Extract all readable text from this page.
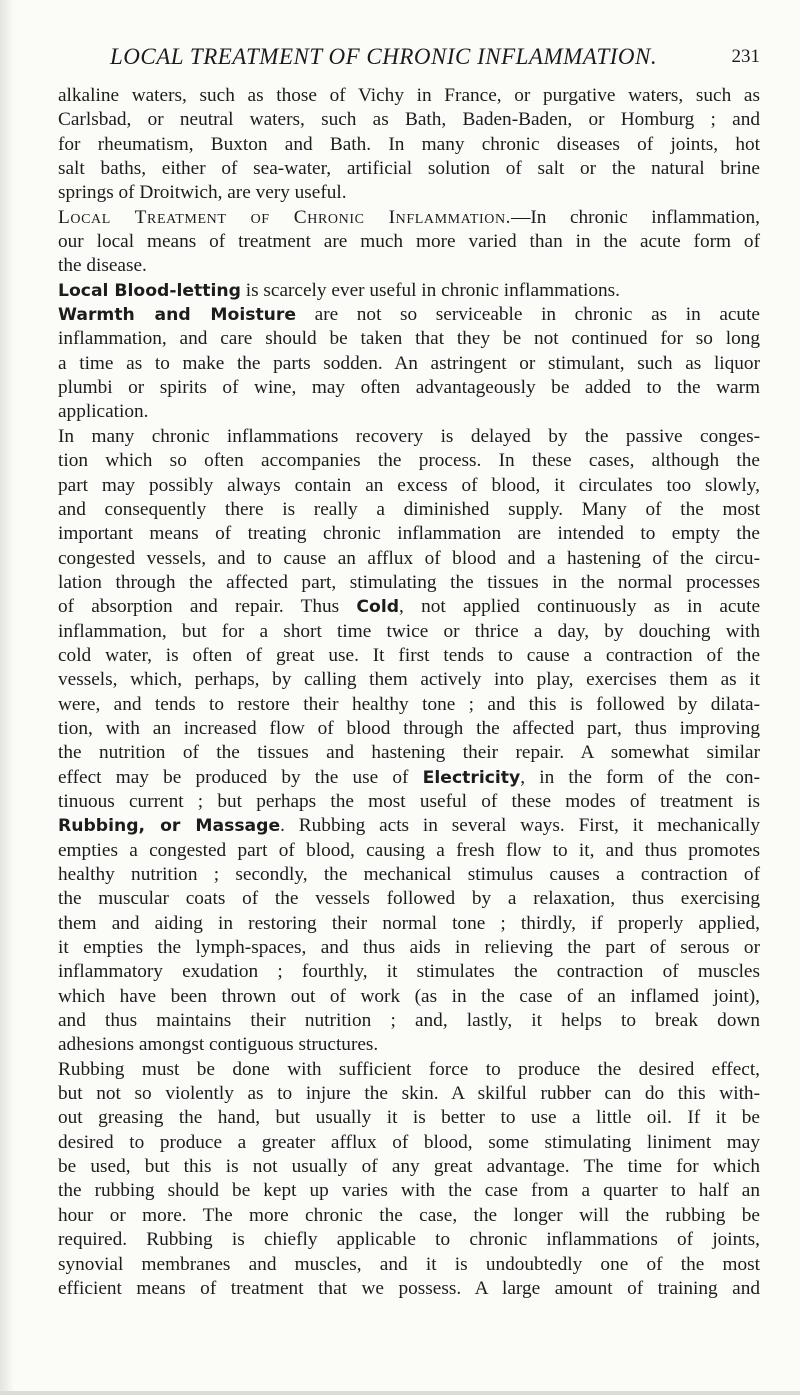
LOCAL TREATMENT OF CHRONIC INFLAMMATION.	231

alkaline waters, such as those of Vichy in France, or purgative waters, such as
Carlsbad, or neutral waters, such as Bath, Baden-Baden, or Homburg ; and
for rheumatism, Buxton and Bath. In many chronic diseases of joints, hot
salt baths, either of sea-water, artificial solution of salt or the natural brine
springs of Droitwich, are very useful.

Local Treatment of Chronic Inflammation.—In chronic inflammation,
our local means of treatment are much more varied than in the acute form of
the disease.

Local Blood-letting is scarcely ever useful in chronic inflammations.

Warmth and Moisture are not so serviceable in chronic as in acute
inflammation, and care should be taken that they be not continued for so long
a time as to make the parts sodden. An astringent or stimulant, such as liquor
plumbi or spirits of wine, may often advantageously be added to the warm
application.

In many chronic inflammations recovery is delayed by the passive conges-
tion which so often accompanies the process. In these cases, although the
part may possibly always contain an excess of blood, it circulates too slowly,
and consequently there is really a diminished supply. Many of the most
important means of treating chronic inflammation are intended to empty the
congested vessels, and to cause an afflux of blood and a hastening of the circu-
lation through the affected part, stimulating the tissues in the normal processes
of absorption and repair. Thus Cold, not applied continuously as in acute
inflammation, but for a short time twice or thrice a day, by douching with
cold water, is often of great use. It first tends to cause a contraction of the
vessels, which, perhaps, by calling them actively into play, exercises them as it
were, and tends to restore their healthy tone ; and this is followed by dilata-
tion, with an increased flow of blood through the affected part, thus improving
the nutrition of the tissues and hastening their repair. A somewhat similar
effect may be produced by the use of Electricity, in the form of the con-
tinuous current ; but perhaps the most useful of these modes of treatment is
Rubbing, or Massage. Rubbing acts in several ways. First, it mechanically
empties a congested part of blood, causing a fresh flow to it, and thus promotes
healthy nutrition ; secondly, the mechanical stimulus causes a contraction of
the muscular coats of the vessels followed by a relaxation, thus exercising
them and aiding in restoring their normal tone ; thirdly, if properly applied,
it empties the lymph-spaces, and thus aids in relieving the part of serous or
inflammatory exudation ; fourthly, it stimulates the contraction of muscles
which have been thrown out of work (as in the case of an inflamed joint),
and thus maintains their nutrition ; and, lastly, it helps to break down
adhesions amongst contiguous structures.

Rubbing must be done with sufficient force to produce the desired effect,
but not so violently as to injure the skin. A skilful rubber can do this with-
out greasing the hand, but usually it is better to use a little oil. If it be
desired to produce a greater afflux of blood, some stimulating liniment may
be used, but this is not usually of any great advantage. The time for which
the rubbing should be kept up varies with the case from a quarter to half an
hour or more. The more chronic the case, the longer will the rubbing be
required. Rubbing is chiefly applicable to chronic inflammations of joints,
synovial membranes and muscles, and it is undoubtedly one of the most
efficient means of treatment that we possess. A large amount of training and
